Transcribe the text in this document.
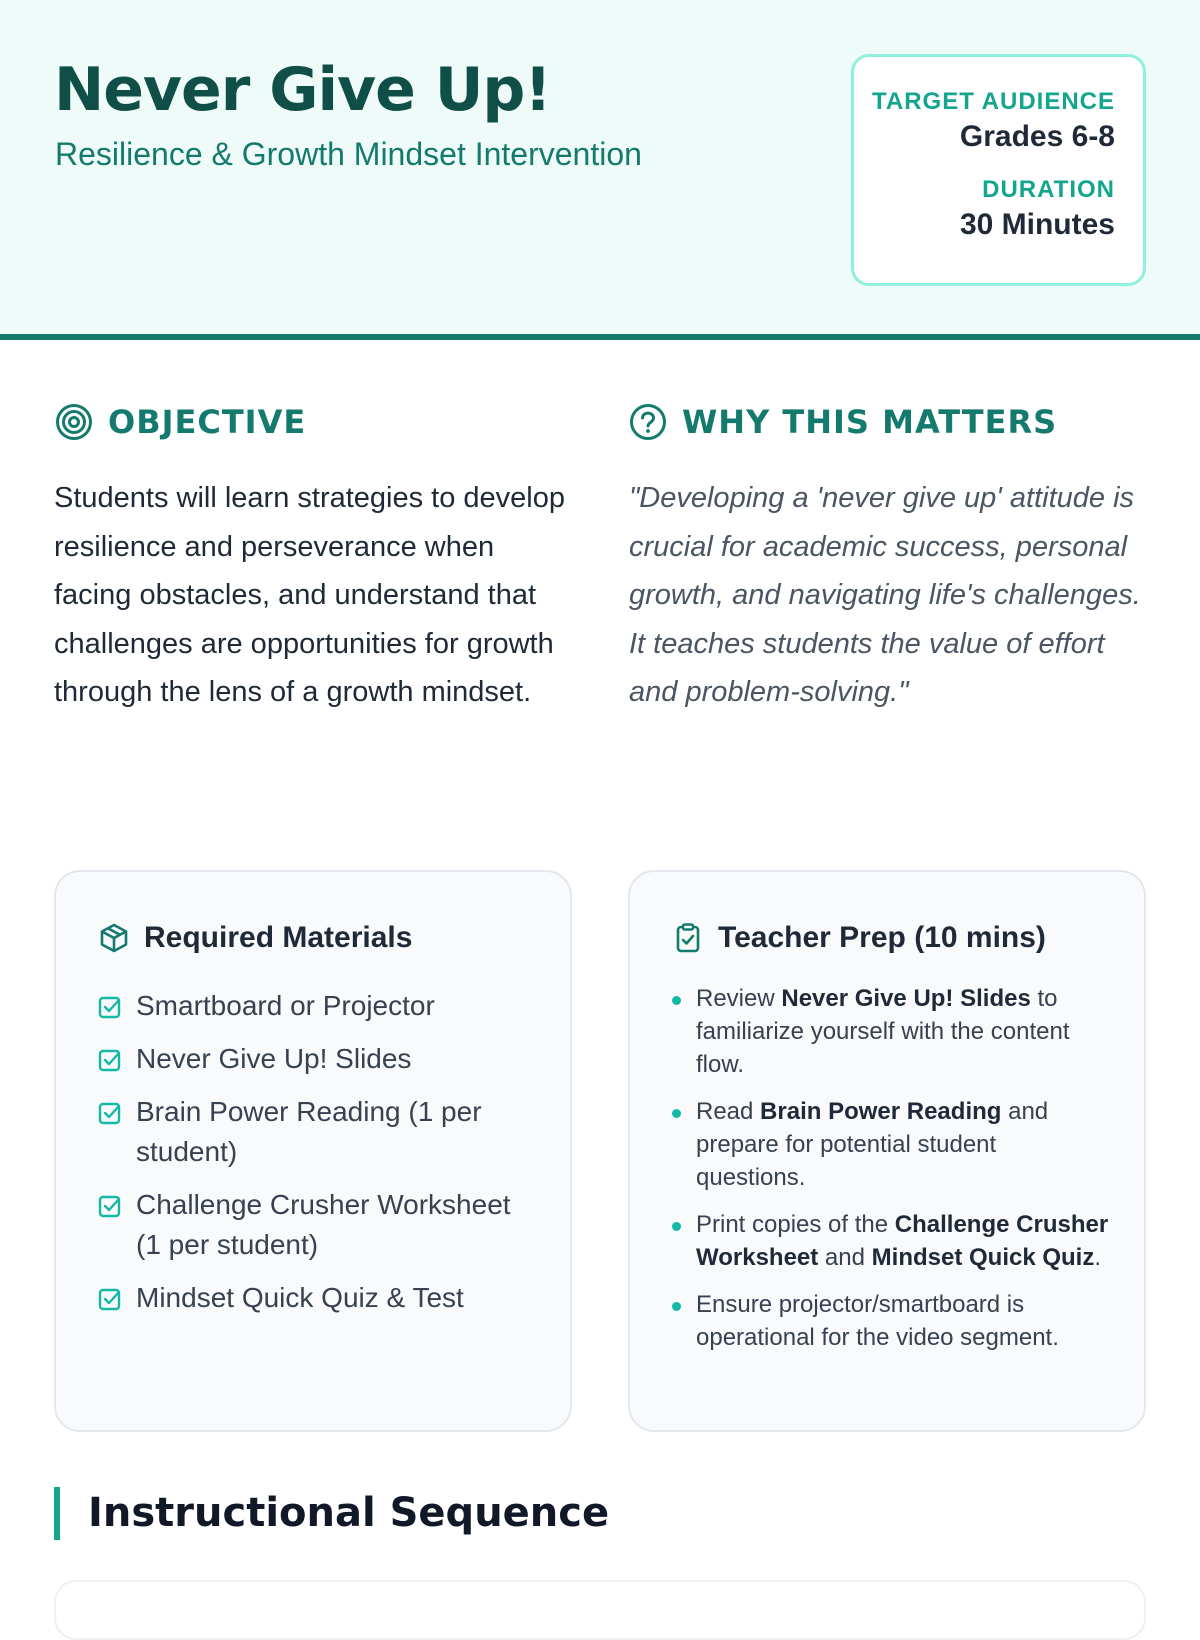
Never Give Up!

Resilience & Growth Mindset Intervention

TARGET AUDIENCE
Grades 6-8
DURATION
30 Minutes
OBJECTIVE	WHY THIS MATTERS

Students will learn strategies to develop resilience and perseverance when facing obstacles, and understand that challenges are opportunities for growth through the lens of a growth mindset.

"Developing a 'never give up' attitude is crucial for academic success, personal growth, and navigating life's challenges. It teaches students the value of effort and problem-solving."

Required Materials
Smartboard or Projector
Never Give Up! Slides
Brain Power Reading (1 per student)
Challenge Crusher Worksheet (1 per student)
Mindset Quick Quiz & Test
Teacher Prep (10 mins)
Review Never Give Up! Slides to familiarize yourself with the content flow.
Read Brain Power Reading and prepare for potential student questions.
Print copies of the Challenge Crusher Worksheet and Mindset Quick Quiz.
Ensure projector/smartboard is operational for the video segment.
Instructional Sequence
